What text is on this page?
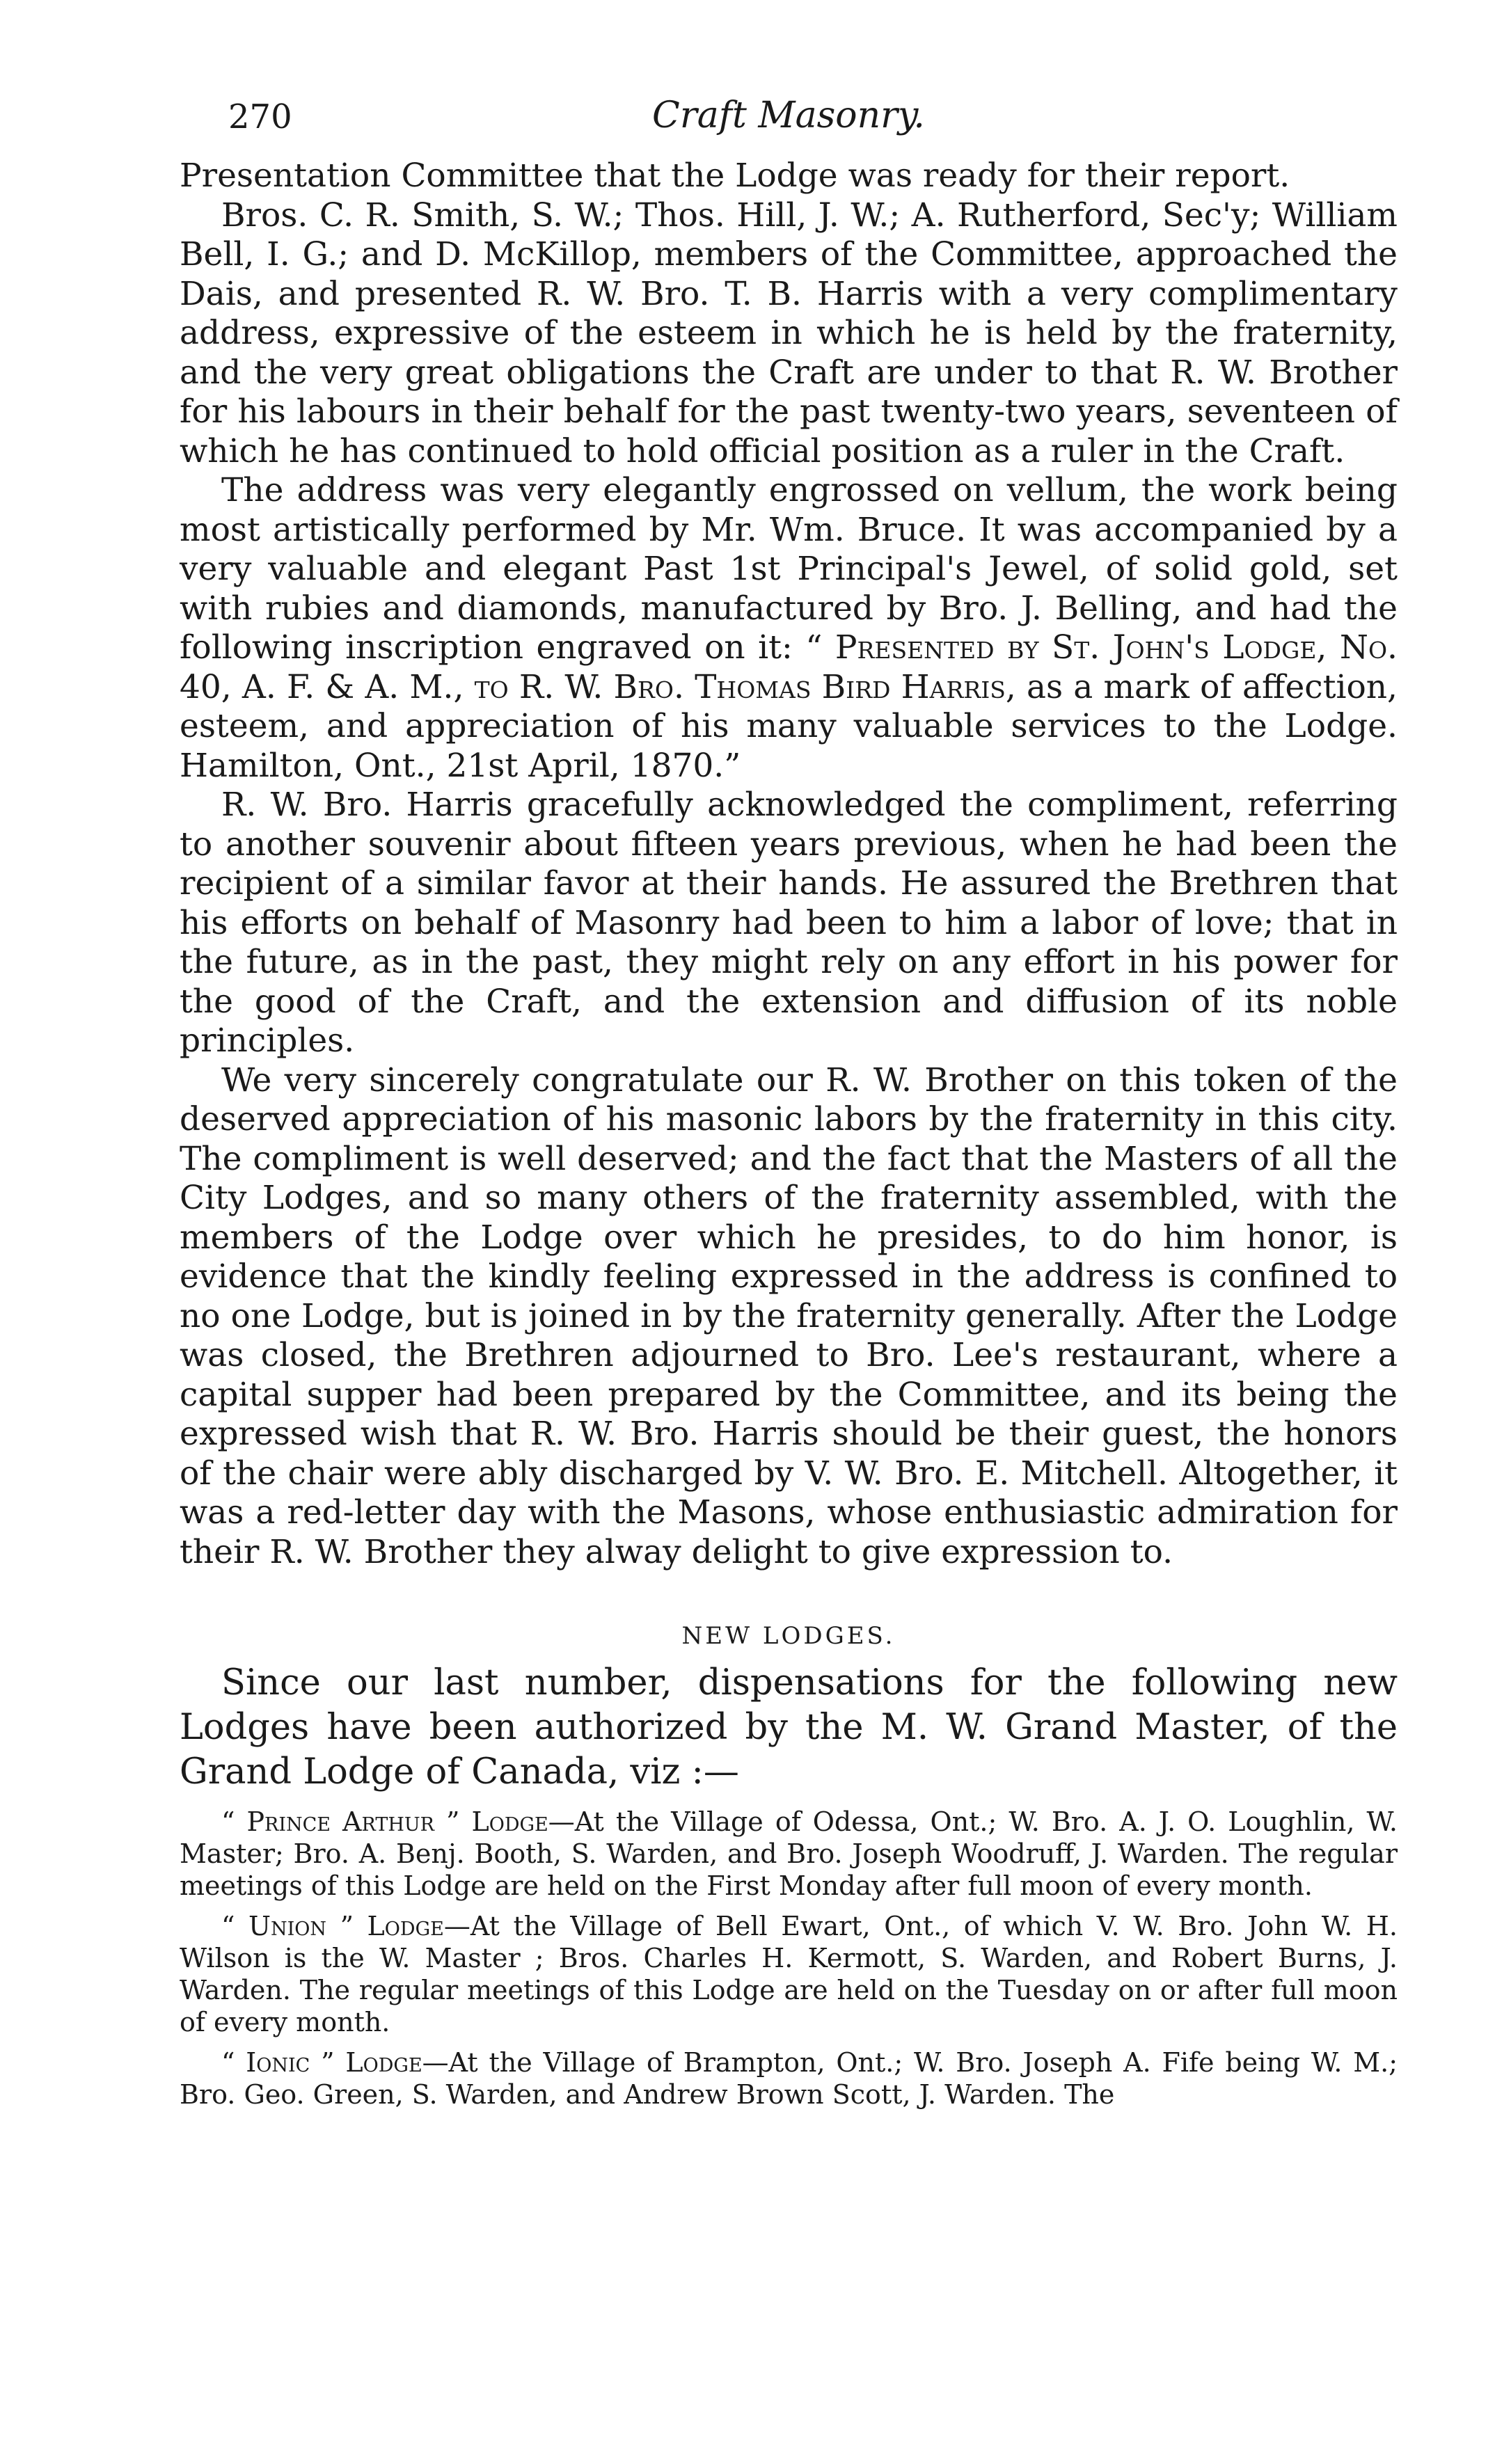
270	Craft Masonry.

Presentation Committee that the Lodge was ready for their report.

Bros. C. R. Smith, S. W.; Thos. Hill, J. W.; A. Rutherford, Sec'y; William Bell, I. G.; and D. McKillop, members of the Committee, approached the Dais, and presented R. W. Bro. T. B. Harris with a very complimentary address, expressive of the esteem in which he is held by the fraternity, and the very great obligations the Craft are under to that R. W. Brother for his labours in their behalf for the past twenty-two years, seventeen of which he has continued to hold official position as a ruler in the Craft.

The address was very elegantly engrossed on vellum, the work being most artistically performed by Mr. Wm. Bruce. It was accompanied by a very valuable and elegant Past 1st Principal's Jewel, of solid gold, set with rubies and diamonds, manufactured by Bro. J. Belling, and had the following inscription engraved on it: “ Presented by St. John's Lodge, No. 40, A. F. & A. M., to R. W. Bro. Thomas Bird Harris, as a mark of affection, esteem, and appreciation of his many valuable services to the Lodge. Hamilton, Ont., 21st April, 1870.”

R. W. Bro. Harris gracefully acknowledged the compliment, referring to another souvenir about fifteen years previous, when he had been the recipient of a similar favor at their hands. He assured the Brethren that his efforts on behalf of Masonry had been to him a labor of love; that in the future, as in the past, they might rely on any effort in his power for the good of the Craft, and the extension and diffusion of its noble principles.

We very sincerely congratulate our R. W. Brother on this token of the deserved appreciation of his masonic labors by the fraternity in this city. The compliment is well deserved; and the fact that the Masters of all the City Lodges, and so many others of the fraternity assembled, with the members of the Lodge over which he presides, to do him honor, is evidence that the kindly feeling expressed in the address is confined to no one Lodge, but is joined in by the fraternity generally. After the Lodge was closed, the Brethren adjourned to Bro. Lee's restaurant, where a capital supper had been prepared by the Committee, and its being the expressed wish that R. W. Bro. Harris should be their guest, the honors of the chair were ably discharged by V. W. Bro. E. Mitchell. Altogether, it was a red-letter day with the Masons, whose enthusiastic admiration for their R. W. Brother they alway delight to give expression to.

NEW LODGES.

Since our last number, dispensations for the following new Lodges have been authorized by the M. W. Grand Master, of the Grand Lodge of Canada, viz :—

“ Prince Arthur ” Lodge—At the Village of Odessa, Ont.; W. Bro. A. J. O. Loughlin, W. Master; Bro. A. Benj. Booth, S. Warden, and Bro. Joseph Woodruff, J. Warden. The regular meetings of this Lodge are held on the First Monday after full moon of every month.

“ Union ” Lodge—At the Village of Bell Ewart, Ont., of which V. W. Bro. John W. H. Wilson is the W. Master ; Bros. Charles H. Kermott, S. Warden, and Robert Burns, J. Warden. The regular meetings of this Lodge are held on the Tuesday on or after full moon of every month.

“ Ionic ” Lodge—At the Village of Brampton, Ont.; W. Bro. Joseph A. Fife being W. M.; Bro. Geo. Green, S. Warden, and Andrew Brown Scott, J. Warden. The
